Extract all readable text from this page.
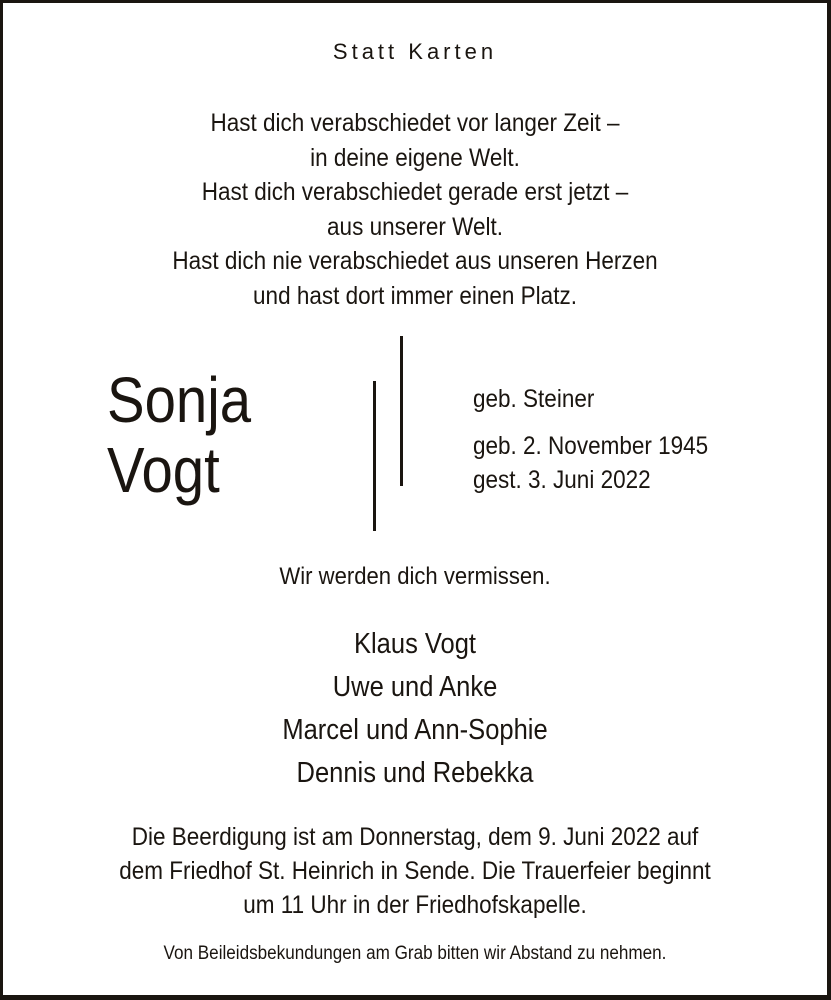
Statt Karten
Hast dich verabschiedet vor langer Zeit –
in deine eigene Welt.
Hast dich verabschiedet gerade erst jetzt –
aus unserer Welt.
Hast dich nie verabschiedet aus unseren Herzen
und hast dort immer einen Platz.
Sonja
Vogt
geb. Steiner
geb. 2. November 1945
gest. 3. Juni 2022
Wir werden dich vermissen.
Klaus Vogt
Uwe und Anke
Marcel und Ann-Sophie
Dennis und Rebekka
Die Beerdigung ist am Donnerstag, dem 9. Juni 2022 auf
dem Friedhof St. Heinrich in Sende. Die Trauerfeier beginnt
um 11 Uhr in der Friedhofskapelle.
Von Beileidsbekundungen am Grab bitten wir Abstand zu nehmen.
